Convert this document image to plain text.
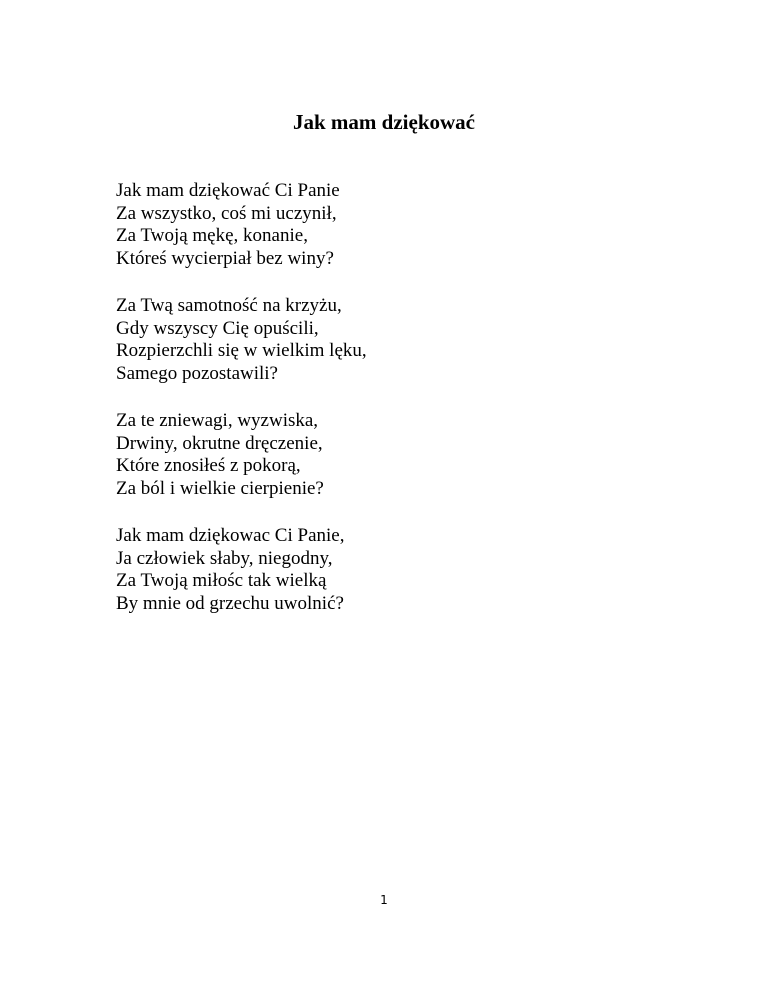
Jak mam dziękować
Jak mam dziękować Ci Panie
Za wszystko, coś mi uczynił,
Za Twoją mękę, konanie,
Któreś wycierpiał bez winy?
Za Twą samotność na krzyżu,
Gdy wszyscy Cię opuścili,
Rozpierzchli się w wielkim lęku,
Samego pozostawili?
Za te zniewagi, wyzwiska,
Drwiny, okrutne dręczenie,
Które znosiłeś z pokorą,
Za ból i wielkie cierpienie?
Jak mam dziękowac Ci Panie,
Ja człowiek słaby, niegodny,
Za Twoją miłośc tak wielką
By mnie od grzechu uwolnić?
1
